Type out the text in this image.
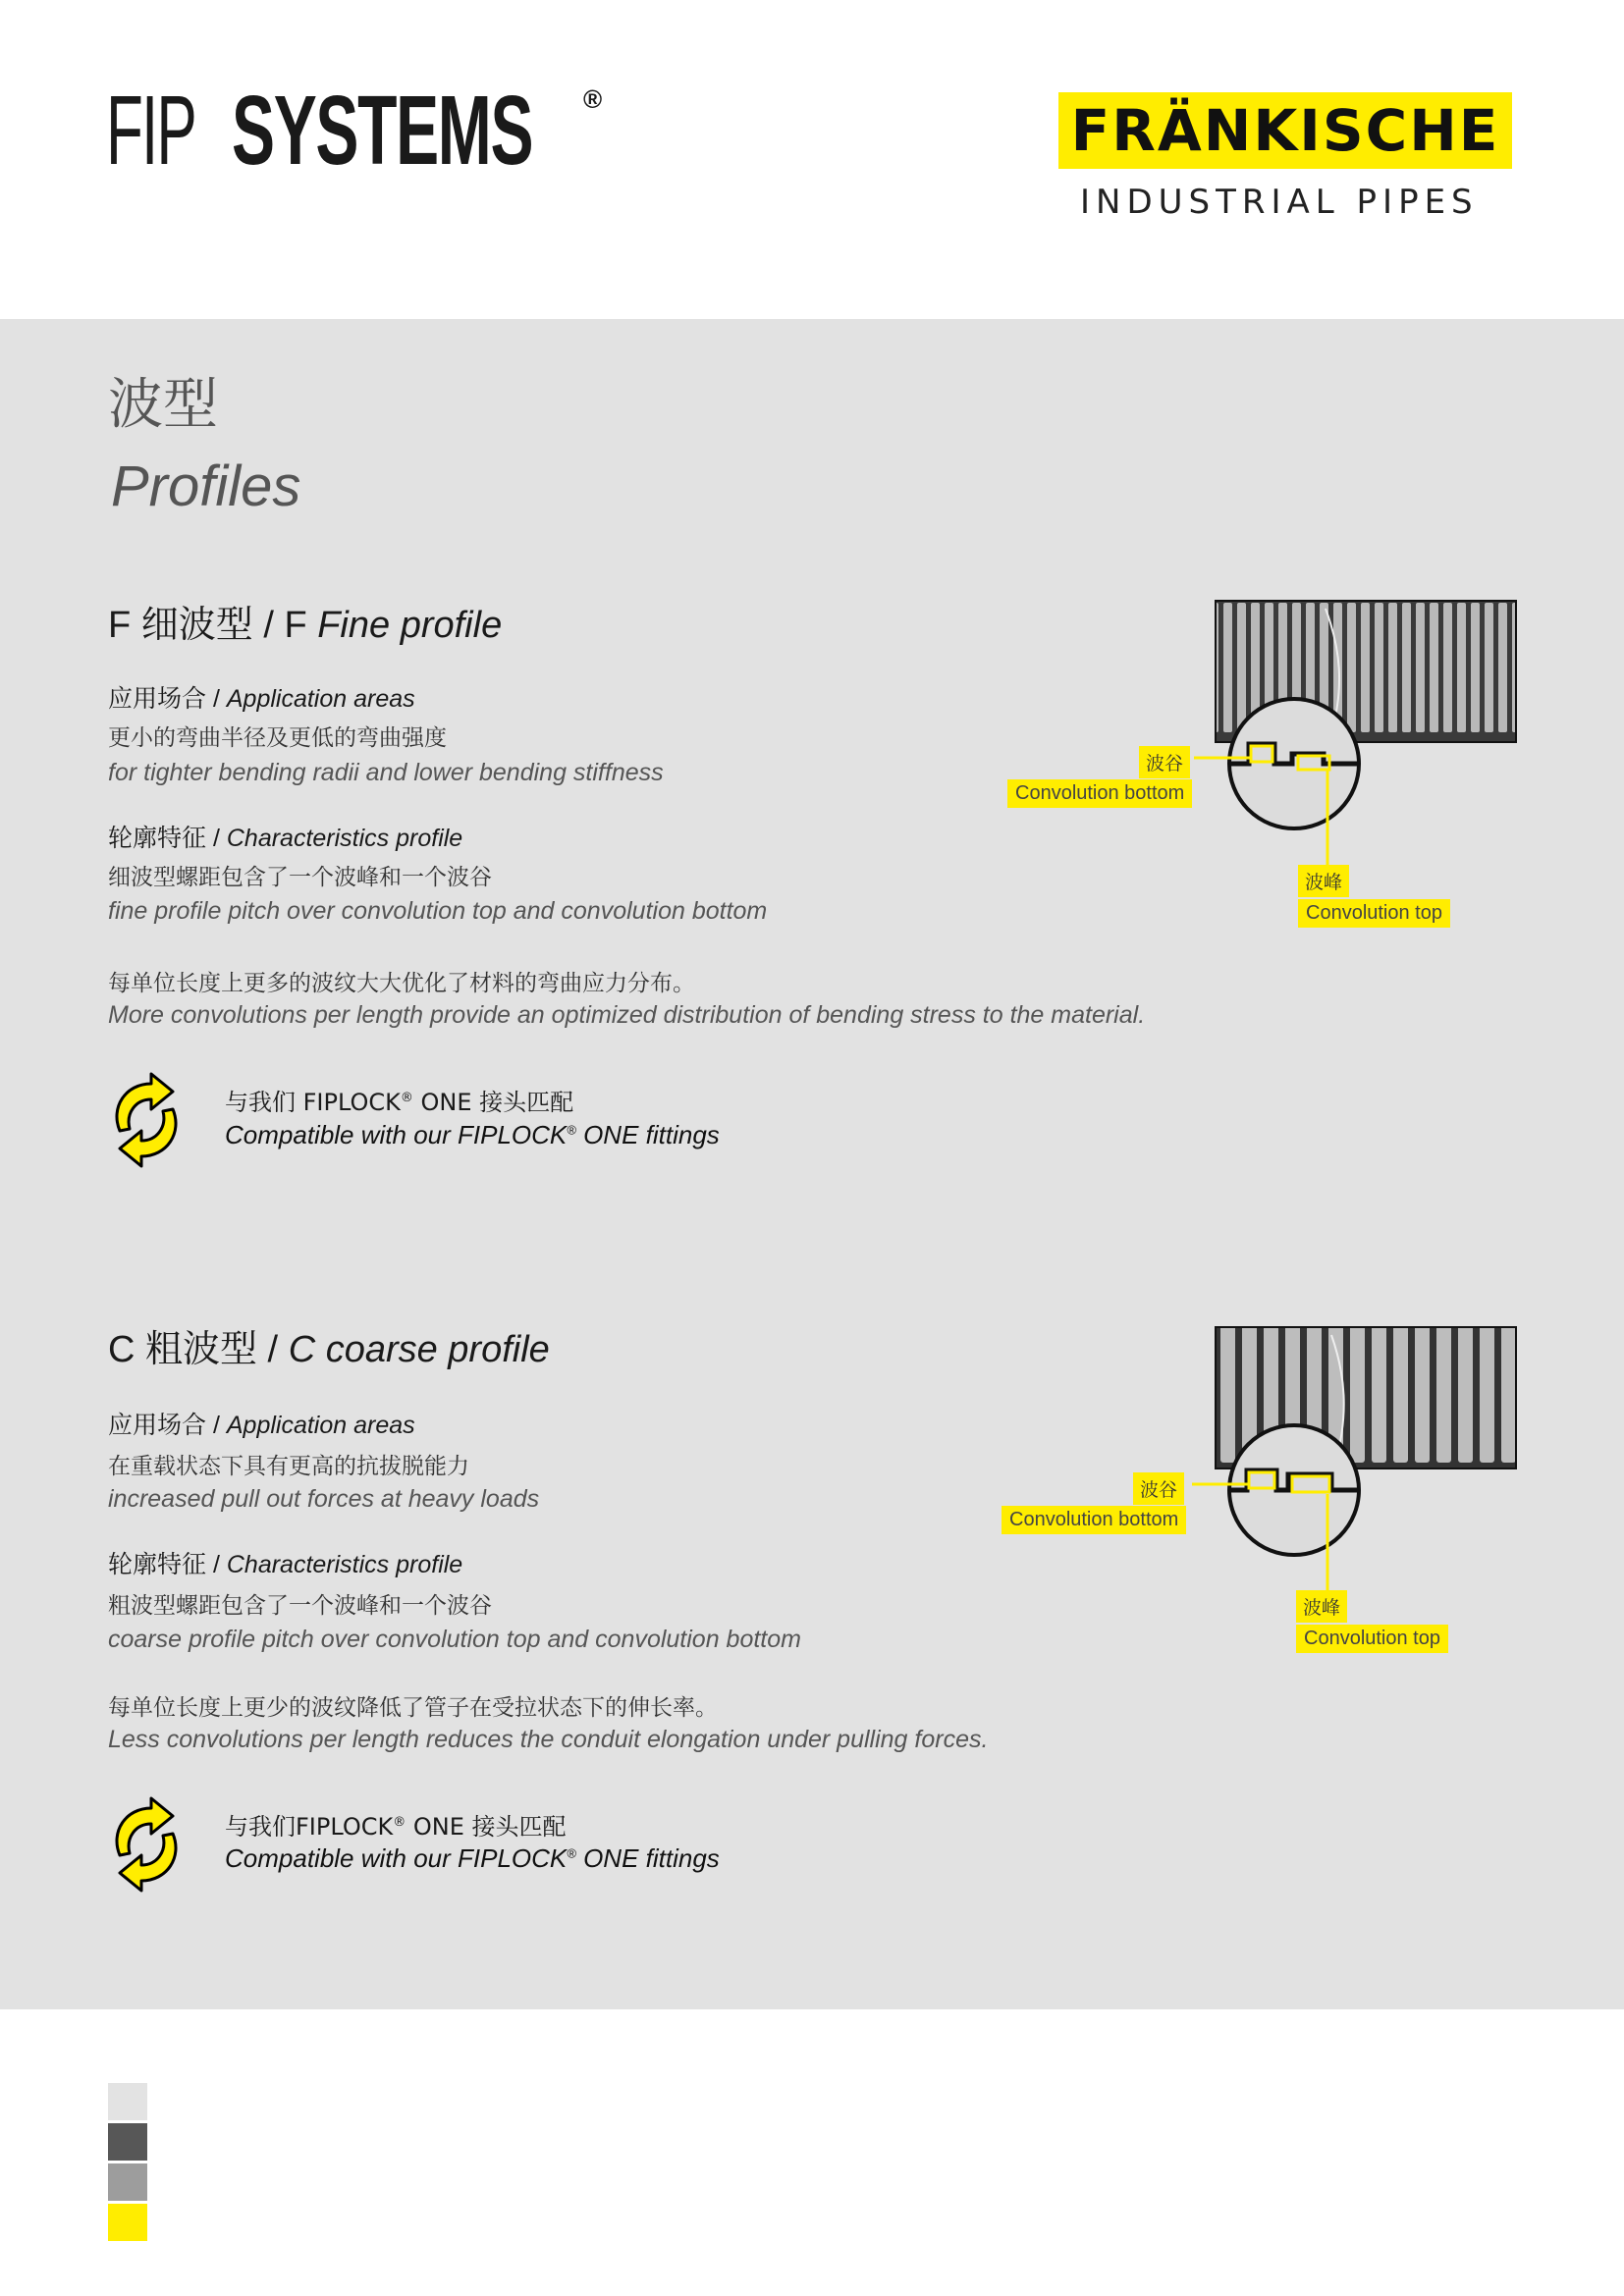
FIP SYSTEMS ®	FRÄNKISCHE
INDUSTRIAL PIPES
波型
Profiles
F 细波型 / F Fine profile
应用场合 / Application areas
更小的弯曲半径及更低的弯曲强度
for tighter bending radii and lower bending stiffness
轮廓特征 / Characteristics profile
细波型螺距包含了一个波峰和一个波谷
fine profile pitch over convolution top and convolution bottom
每单位长度上更多的波纹大大优化了材料的弯曲应力分布。
More convolutions per length provide an optimized distribution of bending stress to the material.
与我们 FIPLOCK® ONE 接头匹配
Compatible with our FIPLOCK® ONE fittings
波谷
Convolution bottom
波峰
Convolution top
C 粗波型 / C coarse profile
应用场合 / Application areas
在重载状态下具有更高的抗拔脱能力
increased pull out forces at heavy loads
轮廓特征 / Characteristics profile
粗波型螺距包含了一个波峰和一个波谷
coarse profile pitch over convolution top and convolution bottom
每单位长度上更少的波纹降低了管子在受拉状态下的伸长率。
Less convolutions per length reduces the conduit elongation under pulling forces.
与我们FIPLOCK® ONE 接头匹配
Compatible with our FIPLOCK® ONE fittings
波谷
Convolution bottom
波峰
Convolution top
